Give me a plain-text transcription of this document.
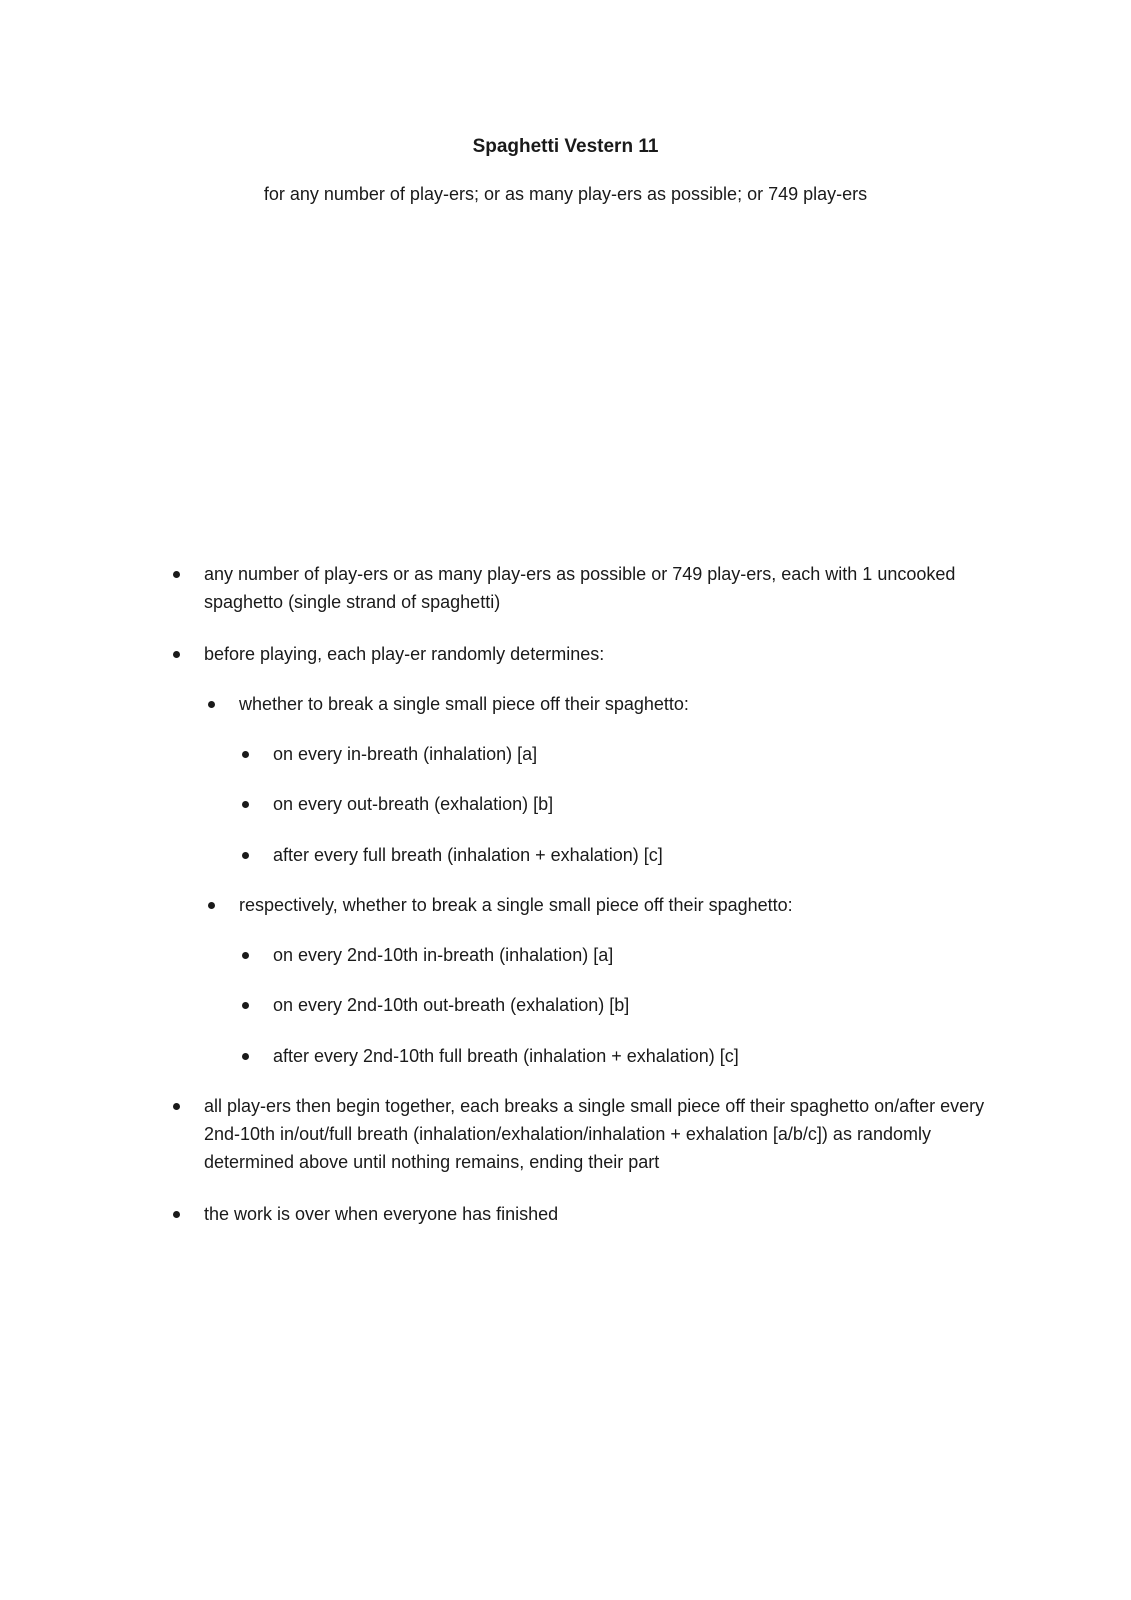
Spaghetti Vestern 11

for any number of play-ers; or as many play-ers as possible; or 749 play-ers

any number of play-ers or as many play-ers as possible or 749 play-ers, each with 1 uncooked spaghetto (single strand of spaghetti)

before playing, each play-er randomly determines:

whether to break a single small piece off their spaghetto:

on every in-breath (inhalation) [a]

on every out-breath (exhalation) [b]

after every full breath (inhalation + exhalation) [c]

respectively, whether to break a single small piece off their spaghetto:

on every 2nd-10th in-breath (inhalation) [a]

on every 2nd-10th out-breath (exhalation) [b]

after every 2nd-10th full breath (inhalation + exhalation) [c]

all play-ers then begin together, each breaks a single small piece off their spaghetto on/after every 2nd-10th in/out/full breath (inhalation/exhalation/inhalation + exhalation [a/b/c]) as randomly determined above until nothing remains, ending their part

the work is over when everyone has finished
